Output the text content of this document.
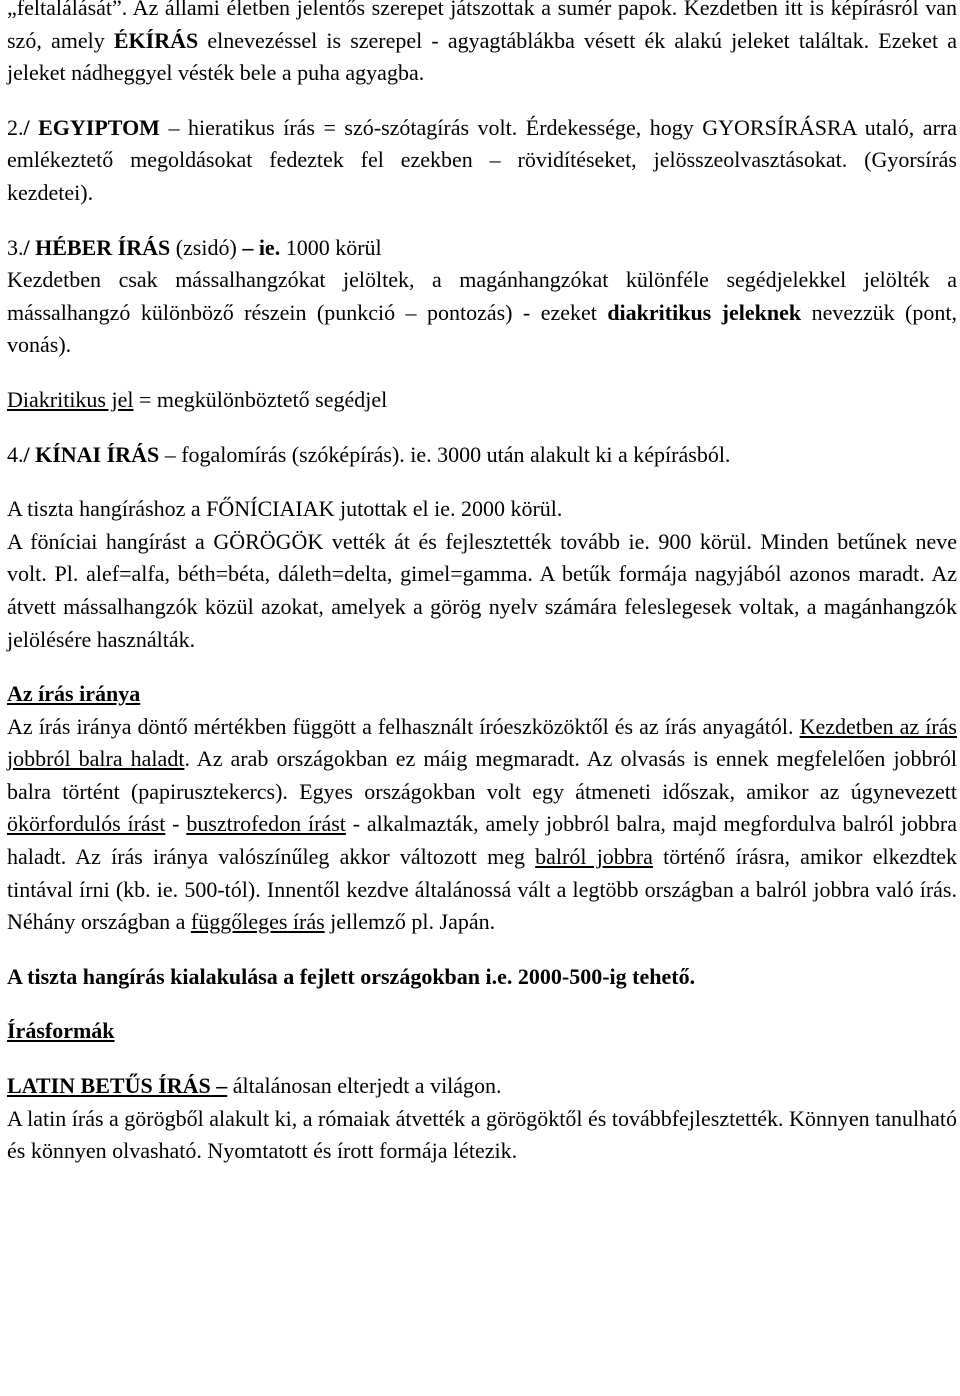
„feltalálását”. Az állami életben jelentős szerepet játszottak a sumér papok. Kezdetben itt is képírásról van szó, amely ÉKÍRÁS elnevezéssel is szerepel - agyagtáblákba vésett ék alakú jeleket találtak. Ezeket a jeleket nádheggyel vésték bele a puha agyagba.

2./ EGYIPTOM – hieratikus írás = szó-szótagírás volt. Érdekessége, hogy GYORSÍRÁSRA utaló, arra emlékeztető megoldásokat fedeztek fel ezekben – rövidítéseket, jelösszeolvasztásokat. (Gyorsírás kezdetei).

3./ HÉBER ÍRÁS (zsidó) – ie. 1000 körül
Kezdetben csak mássalhangzókat jelöltek, a magánhangzókat különféle segédjelekkel jelölték a mássalhangzó különböző részein (punkció – pontozás) - ezeket diakritikus jeleknek nevezzük (pont, vonás).

Diakritikus jel = megkülönböztető segédjel

4./ KÍNAI ÍRÁS – fogalomírás (szóképírás). ie. 3000 után alakult ki a képírásból.

A tiszta hangíráshoz a FŐNÍCIAIAK jutottak el ie. 2000 körül.
A föníciai hangírást a GÖRÖGÖK vették át és fejlesztették tovább ie. 900 körül. Minden betűnek neve volt. Pl. alef=alfa, béth=béta, dáleth=delta, gimel=gamma. A betűk formája nagyjából azonos maradt. Az átvett mássalhangzók közül azokat, amelyek a görög nyelv számára feleslegesek voltak, a magánhangzók jelölésére használták.

Az írás iránya

Az írás iránya döntő mértékben függött a felhasznált íróeszközöktől és az írás anyagától. Kezdetben az írás jobbról balra haladt. Az arab országokban ez máig megmaradt. Az olvasás is ennek megfelelően jobbról balra történt (papirusztekercs). Egyes országokban volt egy átmeneti időszak, amikor az úgynevezett ökörfordulós írást - busztrofedon írást - alkalmazták, amely jobbról balra, majd megfordulva balról jobbra haladt. Az írás iránya valószínűleg akkor változott meg balról jobbra történő írásra, amikor elkezdtek tintával írni (kb. ie. 500-tól). Innentől kezdve általánossá vált a legtöbb országban a balról jobbra való írás. Néhány országban a függőleges írás jellemző pl. Japán.

A tiszta hangírás kialakulása a fejlett országokban i.e. 2000-500-ig tehető.

Írásformák

LATIN BETŰS ÍRÁS – általánosan elterjedt a világon.
A latin írás a görögből alakult ki, a rómaiak átvették a görögöktől és továbbfejlesztették. Könnyen tanulható és könnyen olvasható. Nyomtatott és írott formája létezik.
